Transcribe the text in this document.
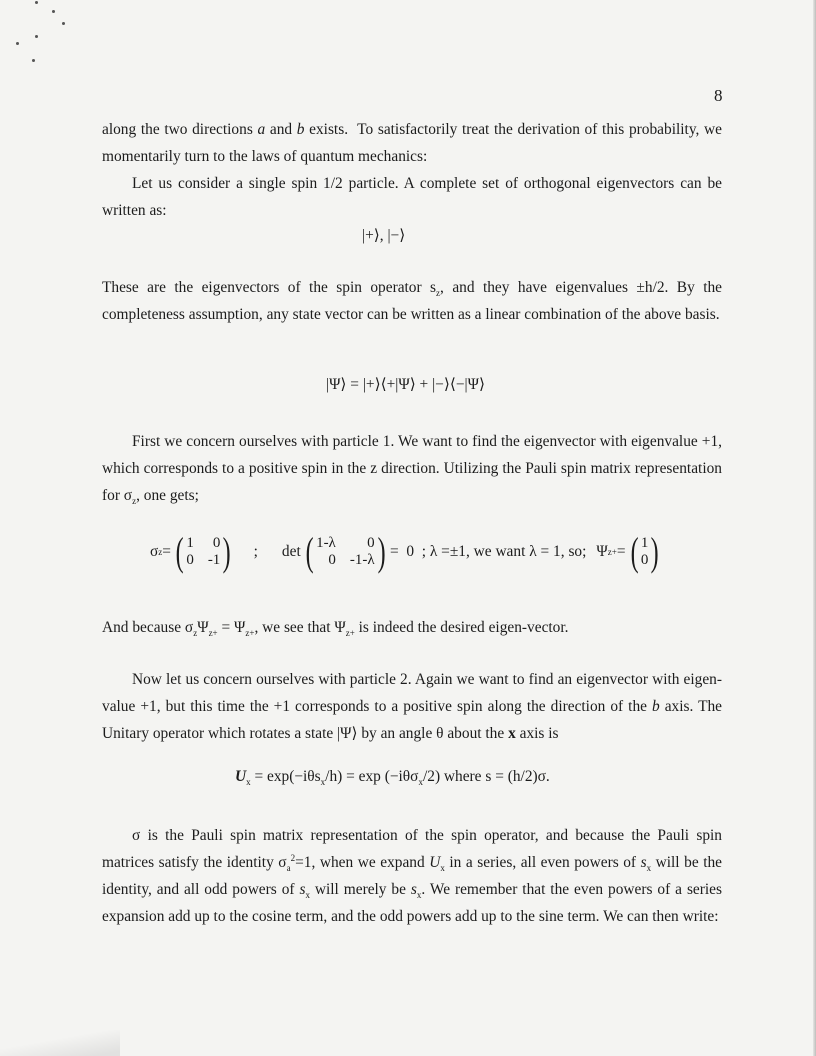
8
along the two directions a and b exists.  To satisfactorily treat the derivation of this probability, we momentarily turn to the laws of quantum mechanics:
Let us consider a single spin 1/2 particle. A complete set of orthogonal eigenvectors can be written as:
|+⟩, |−⟩
These are the eigenvectors of the spin operator $s_z$, and they have eigenvalues ±h/2. By the completeness assumption, any state vector can be written as a linear combination of the above basis.
|Ψ⟩ = |+⟩⟨+|Ψ⟩ + |−⟩⟨−|Ψ⟩
First we concern ourselves with particle 1. We want to find the eigenvector with eigenvalue +1, which corresponds to a positive spin in the z direction. Utilizing the Pauli spin matrix representation for $\sigma_z$, one gets;
σ z = ( 1	0
0 -1 ) ; det ( 1-λ	0
0 -1-λ ) =  0  ; λ =±1, we want λ = 1, so; Ψ z+ = ( 1
0 )
And because $\sigma_z\Psi_{z+} = \Psi_{z+}$, we see that $\Psi_{z+}$ is indeed the desired eigen-vector.
Now let us concern ourselves with particle 2. Again we want to find an eigenvector with eigen-value +1, but this time the +1 corresponds to a positive spin along the direction of the b axis. The Unitary operator which rotates a state |Ψ⟩ by an angle θ about the x axis is
$U_x = \exp(-i\theta s_x/h) = \exp (-i\theta\sigma_x/2)$ where s = (h/2)σ.
σ is the Pauli spin matrix representation of the spin operator, and because the Pauli spin matrices satisfy the identity $\sigma_a^2=1$, when we expand $U_x$ in a series, all even powers of $s_x$ will be the identity, and all odd powers of $s_x$ will merely be $s_x$. We remember that the even powers of a series expansion add up to the cosine term, and the odd powers add up to the sine term. We can then write:
